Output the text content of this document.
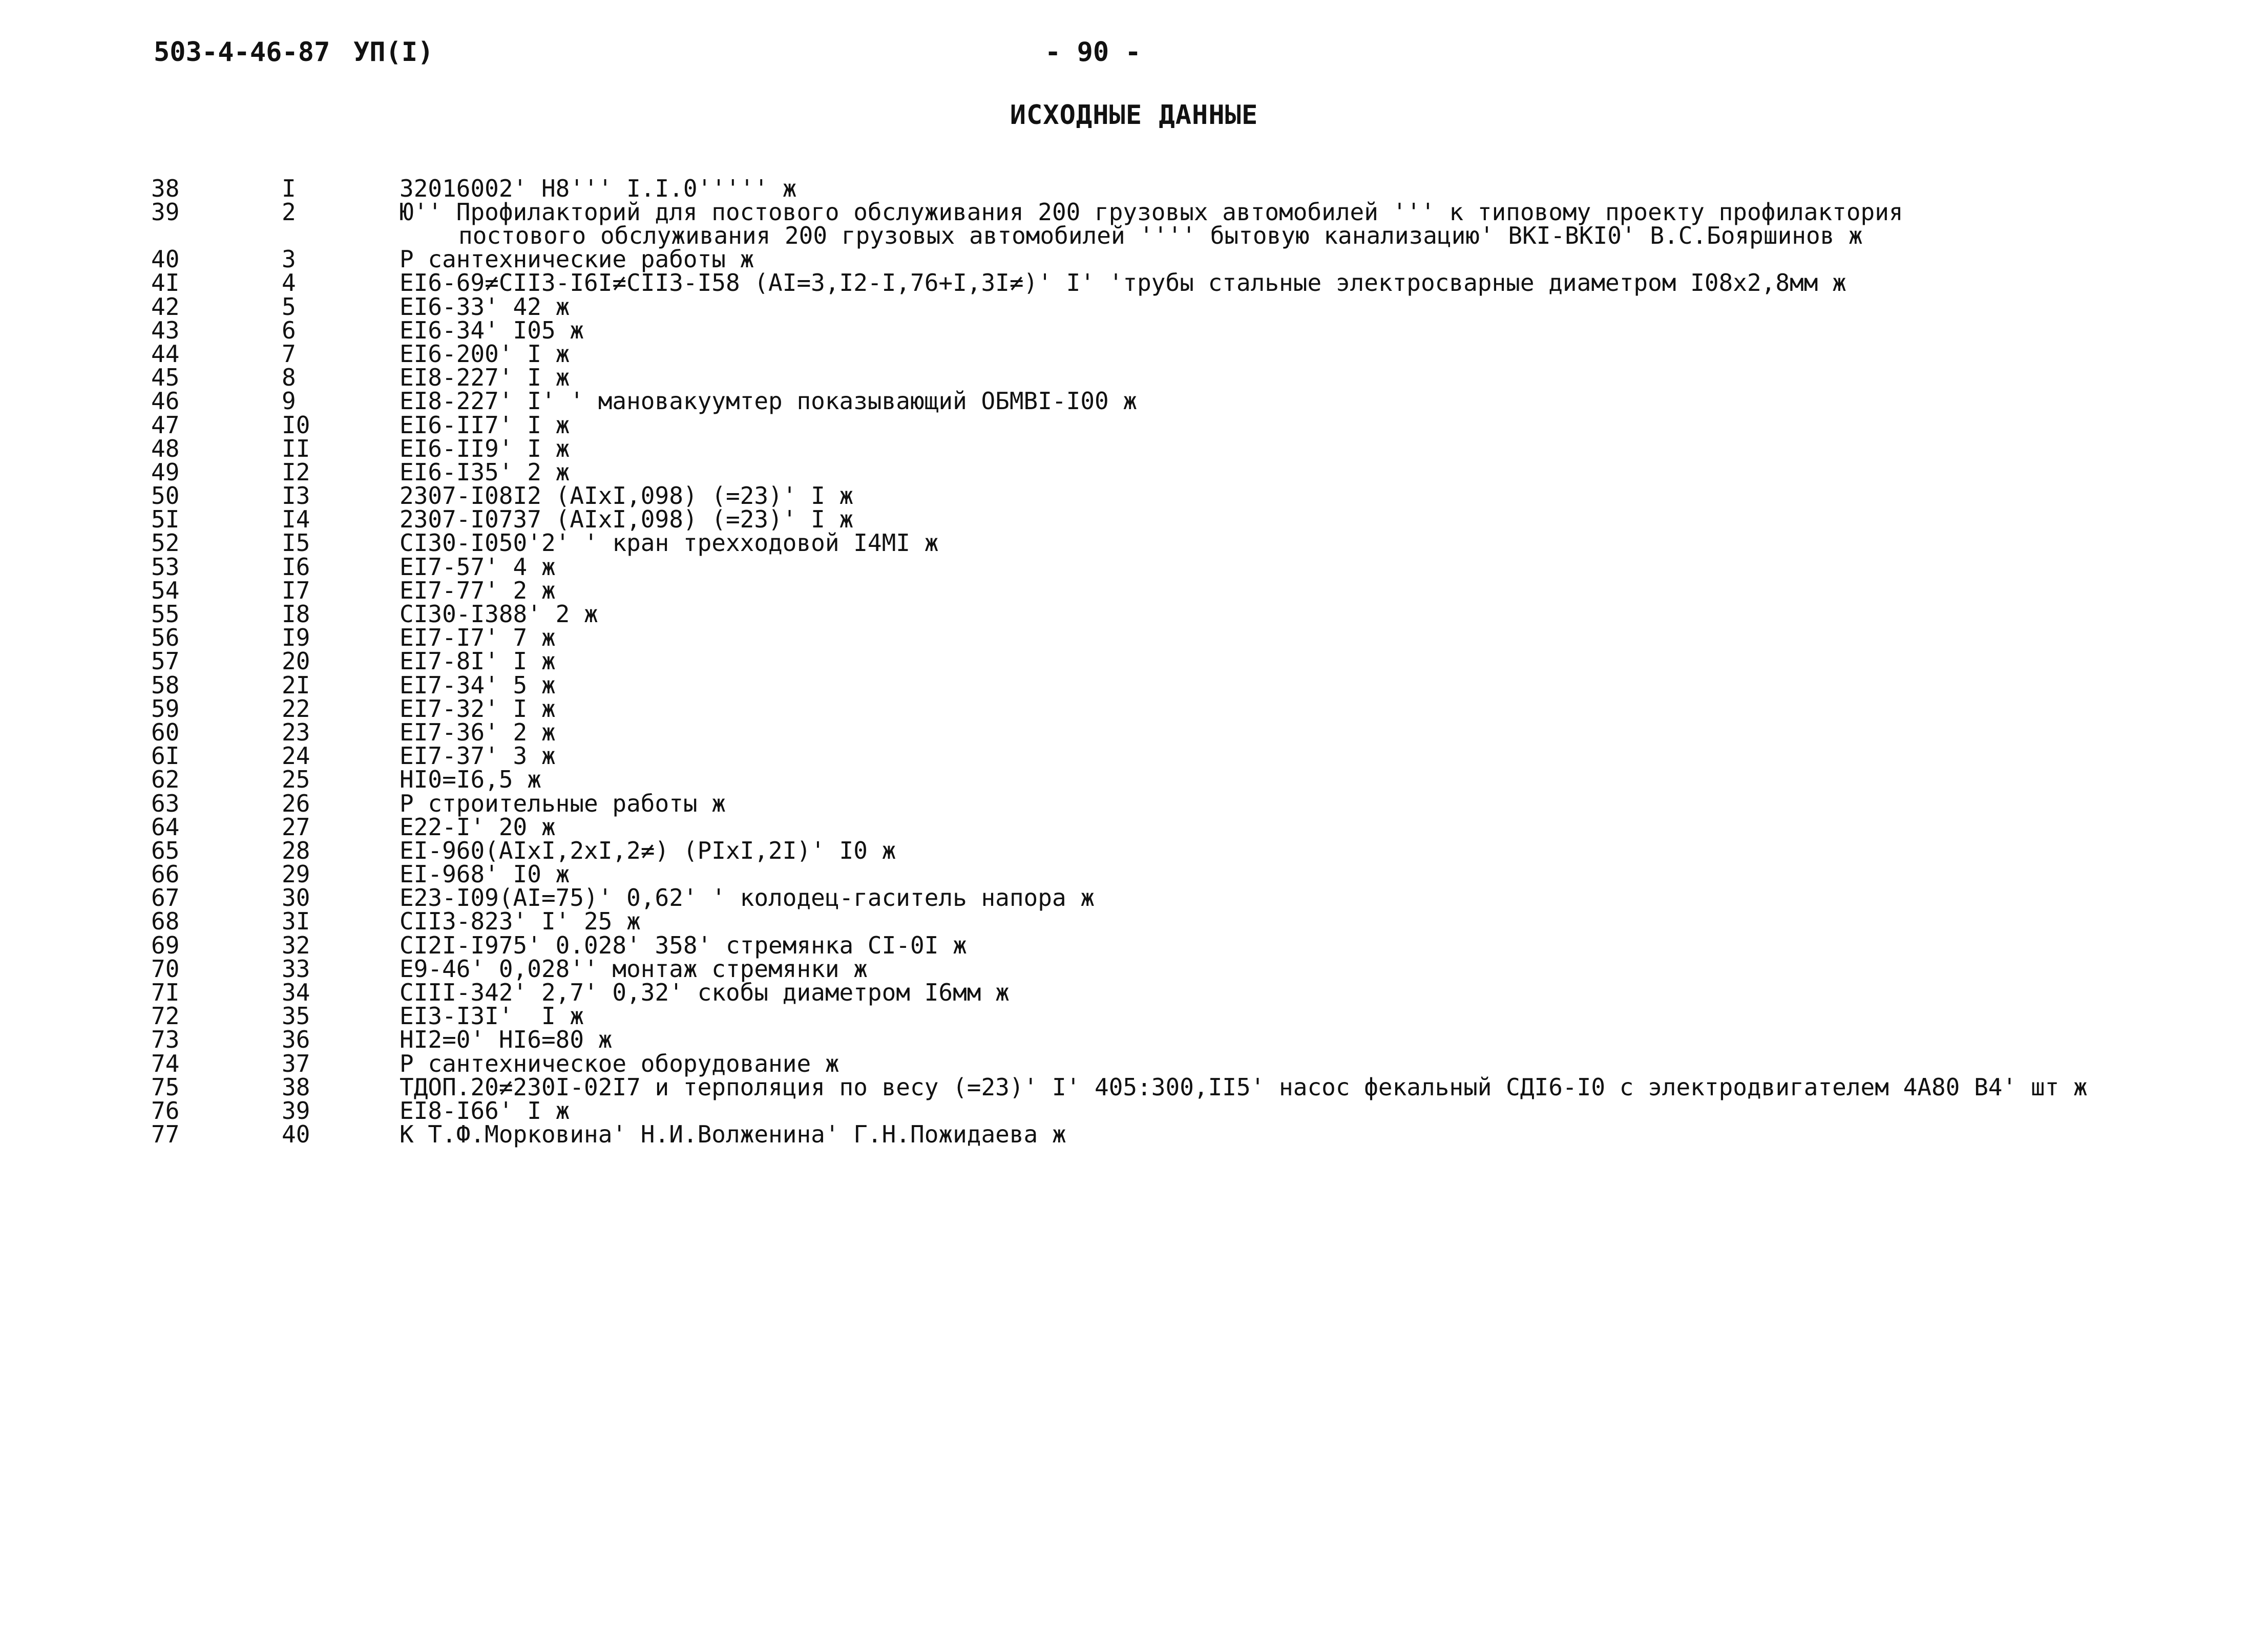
503-4-46-87 УП(I)	- 90 -
ИСХОДНЫЕ ДАННЫЕ
38	I	32016002' Н8''' I.I.0''''' ж
39	2	Ю'' Профилакторий для постового обслуживания 200 грузовых автомобилей ''' к типовому проекту профилактория
постового обслуживания 200 грузовых автомобилей '''' бытовую канализацию' ВКI-ВКI0' В.С.Бояршинов ж
40	3	Р сантехнические работы ж
4I	4	ЕI6-69≠СII3-I6I≠СII3-I58 (АI=3,I2-I,76+I,3I≠)' I' 'трубы стальные электросварные диаметром I08х2,8мм ж
42	5	ЕI6-33' 42 ж
43	6	ЕI6-34' I05 ж
44	7	ЕI6-200' I ж
45	8	ЕI8-227' I ж
46	9	ЕI8-227' I' ' мановакуумтер показывающий ОБМВI-I00 ж
47	I0	ЕI6-II7' I ж
48	II	ЕI6-II9' I ж
49	I2	ЕI6-I35' 2 ж
50	I3	2307-I08I2 (АIхI,098) (=23)' I ж
5I	I4	2307-I0737 (АIхI,098) (=23)' I ж
52	I5	СI30-I050'2' ' кран трехходовой I4МI ж
53	I6	ЕI7-57' 4 ж
54	I7	ЕI7-77' 2 ж
55	I8	СI30-I388' 2 ж
56	I9	ЕI7-I7' 7 ж
57	20	ЕI7-8I' I ж
58	2I	ЕI7-34' 5 ж
59	22	ЕI7-32' I ж
60	23	ЕI7-36' 2 ж
6I	24	ЕI7-37' 3 ж
62	25	НI0=I6,5 ж
63	26	Р строительные работы ж
64	27	Е22-I' 20 ж
65	28	ЕI-960(АIхI,2хI,2≠) (РIхI,2I)' I0 ж
66	29	ЕI-968' I0 ж
67	30	Е23-I09(АI=75)' 0,62' ' колодец-гаситель напора ж
68	3I	СII3-823' I' 25 ж
69	32	СI2I-I975' 0.028' 358' стремянка СI-0I ж
70	33	Е9-46' 0,028'' монтаж стремянки ж
7I	34	СIII-342' 2,7' 0,32' скобы диаметром I6мм ж
72	35	ЕI3-I3I'  I ж
73	36	НI2=0' НI6=80 ж
74	37	Р сантехническое оборудование ж
75	38	ТДОП.20≠230I-02I7 и терполяция по весу (=23)' I' 405:300,II5' насос фекальный СДI6-I0 с электродвигателем 4А80 В4' шт ж
76	39	ЕI8-I66' I ж
77	40	К Т.Ф.Морковина' Н.И.Волженина' Г.Н.Пожидаева ж
